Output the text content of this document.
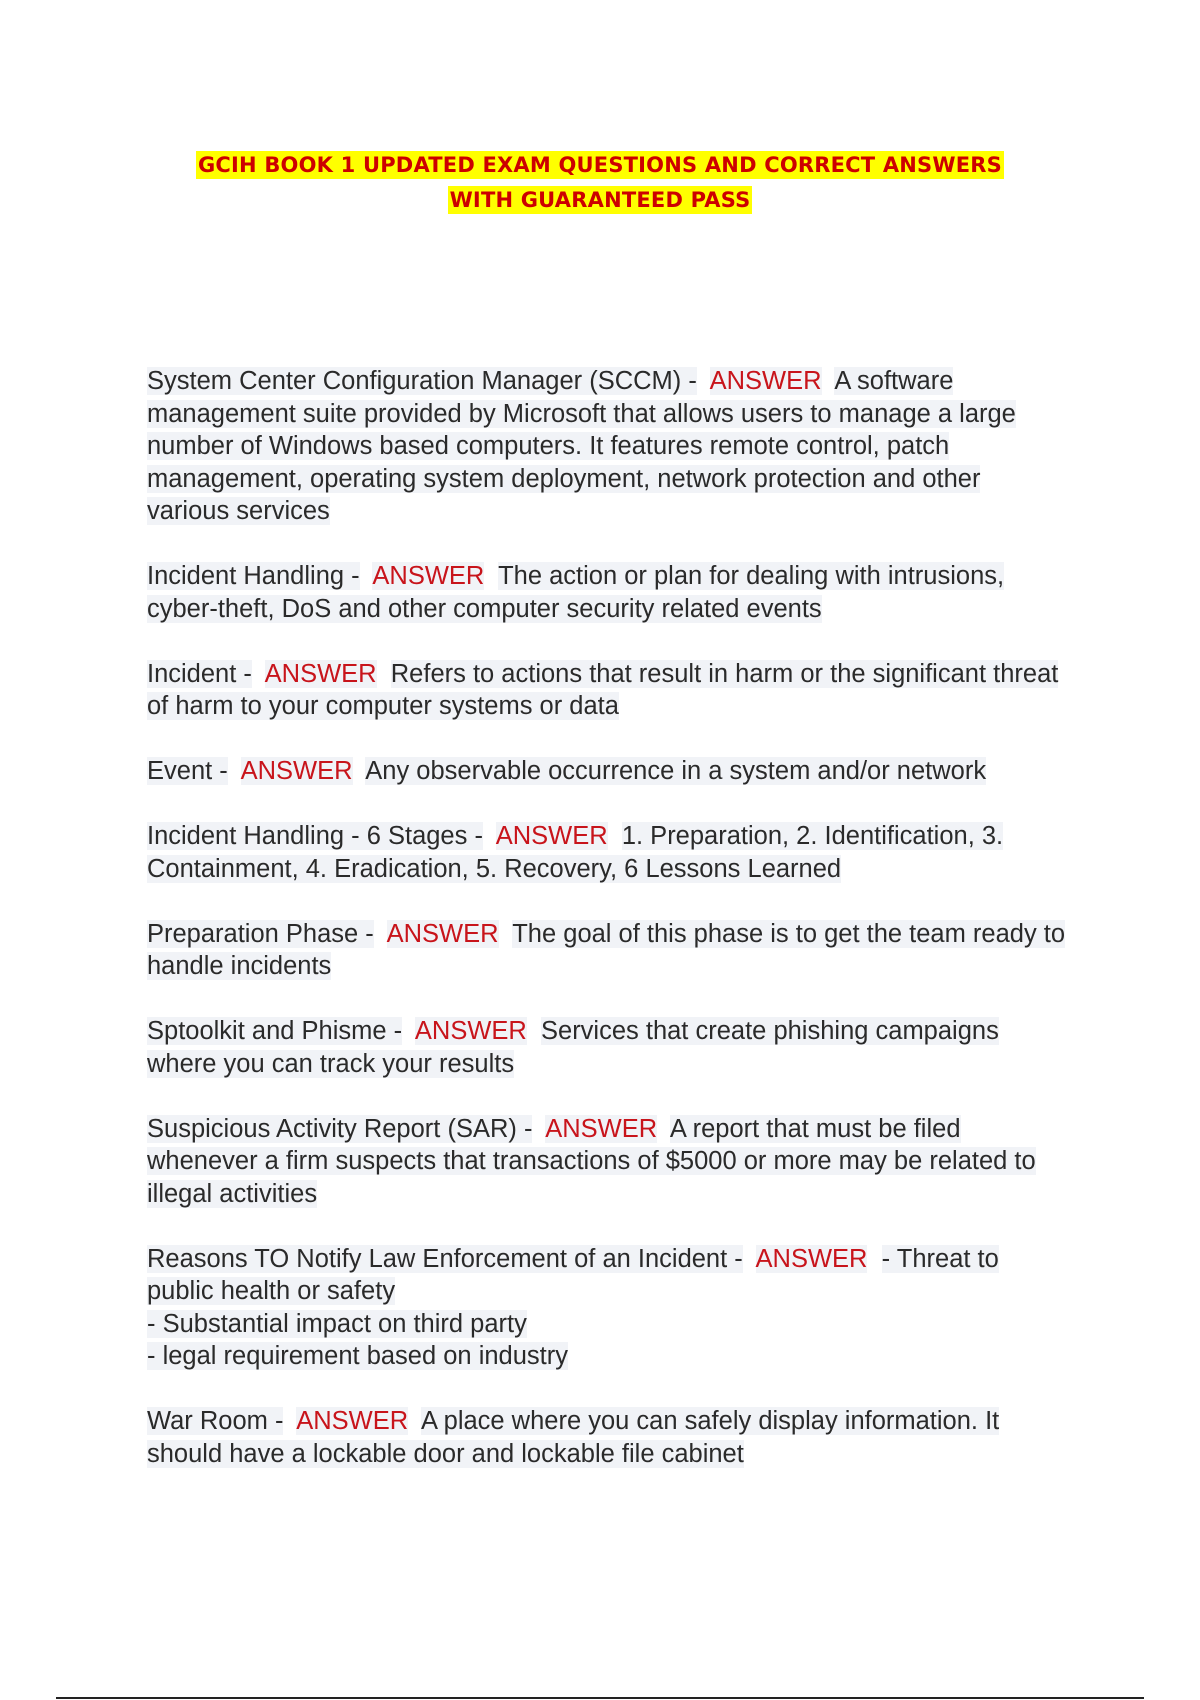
GCIH BOOK 1 UPDATED EXAM QUESTIONS AND CORRECT ANSWERS
WITH GUARANTEED PASS
System Center Configuration Manager (SCCM) - ANSWER A software management suite provided by Microsoft that allows users to manage a large number of Windows based computers. It features remote control, patch management, operating system deployment, network protection and other various services
Incident Handling - ANSWER The action or plan for dealing with intrusions, cyber-theft, DoS and other computer security related events
Incident - ANSWER Refers to actions that result in harm or the significant threat of harm to your computer systems or data
Event - ANSWER Any observable occurrence in a system and/or network
Incident Handling - 6 Stages - ANSWER 1. Preparation, 2. Identification, 3. Containment, 4. Eradication, 5. Recovery, 6 Lessons Learned
Preparation Phase - ANSWER The goal of this phase is to get the team ready to handle incidents
Sptoolkit and Phisme - ANSWER Services that create phishing campaigns where you can track your results
Suspicious Activity Report (SAR) - ANSWER A report that must be filed whenever a firm suspects that transactions of $5000 or more may be related to illegal activities
Reasons TO Notify Law Enforcement of an Incident - ANSWER - Threat to public health or safety
- Substantial impact on third party
- legal requirement based on industry
War Room - ANSWER A place where you can safely display information. It should have a lockable door and lockable file cabinet
